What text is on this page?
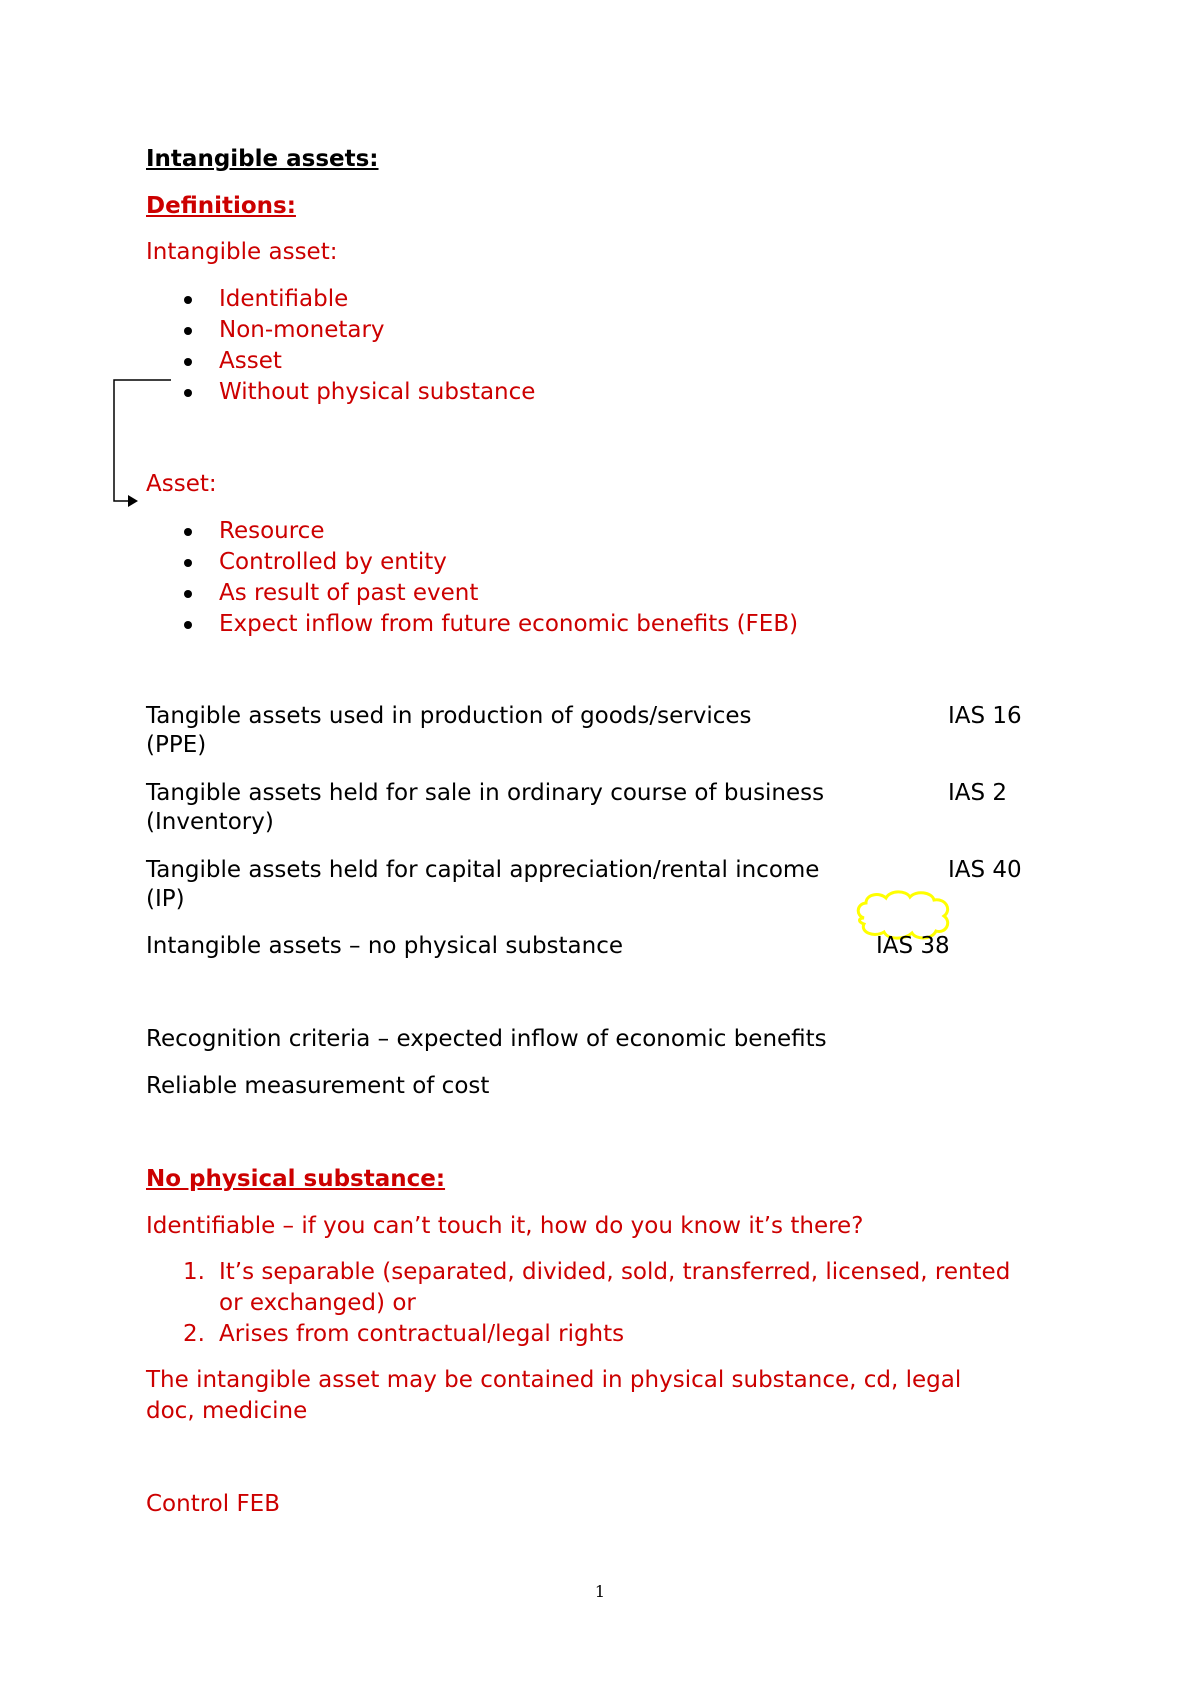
Intangible assets:
Definitions:
Intangible asset:
Identifiable
Non-monetary
Asset
Without physical substance
Asset:
Resource
Controlled by entity
As result of past event
Expect inflow from future economic benefits (FEB)
Tangible assets used in production of goods/services
(PPE)
IAS 16
Tangible assets held for sale in ordinary course of business
(Inventory)
IAS 2
Tangible assets held for capital appreciation/rental income
(IP)
IAS 40
Intangible assets – no physical substance	IAS 38
Recognition criteria – expected inflow of economic benefits
Reliable measurement of cost
No physical substance:
Identifiable – if you can’t touch it, how do you know it’s there?
1. It’s separable (separated, divided, sold, transferred, licensed, rented
or exchanged) or
2. Arises from contractual/legal rights
The intangible asset may be contained in physical substance, cd, legal
doc, medicine
Control FEB
1
